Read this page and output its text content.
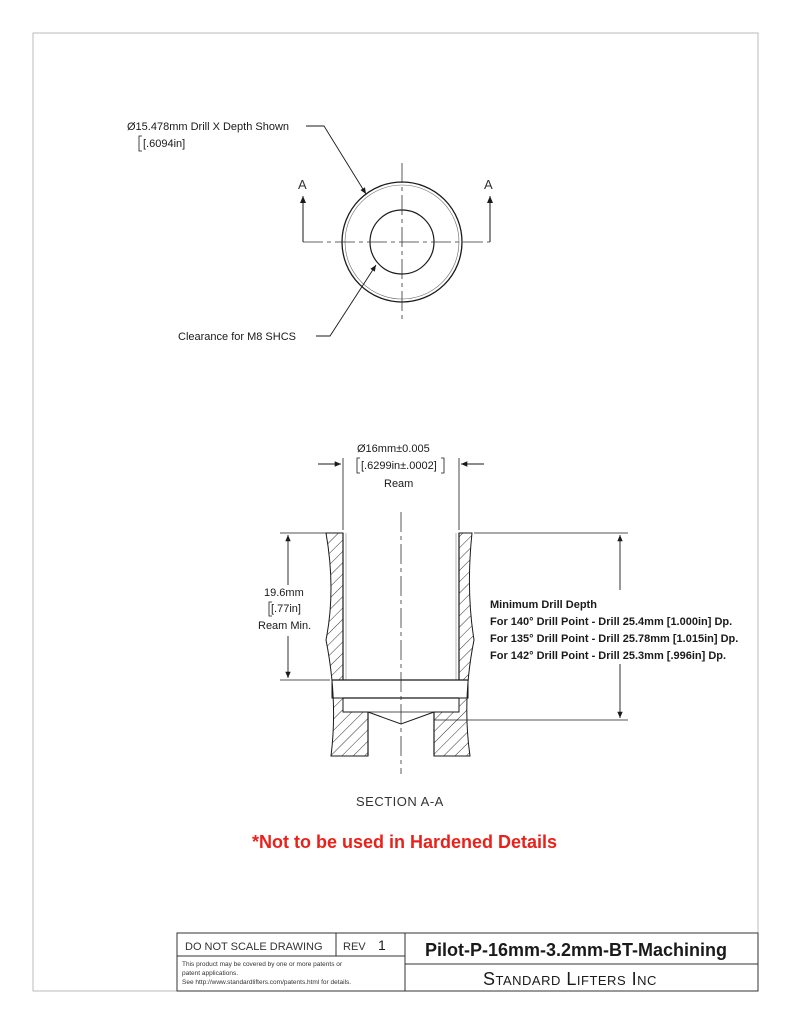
A	A
Ø15.478mm Drill X Depth Shown
[.6094in]
Clearance for M8 SHCS
Ø16mm±0.005
[.6299in±.0002]
Ream
19.6mm
[.77in]
Ream Min.
Minimum Drill Depth
For 140° Drill Point - Drill 25.4mm [1.000in] Dp.
For 135° Drill Point - Drill 25.78mm [1.015in] Dp.
For 142° Drill Point - Drill 25.3mm [.996in] Dp.
SECTION A-A
*Not to be used in Hardened Details
DO NOT SCALE DRAWING REV 1
This product may be covered by one or more patents or
patent applications.
See http://www.standardlifters.com/patents.html for details.
Pilot-P-16mm-3.2mm-BT-Machining
Standard Lifters Inc
